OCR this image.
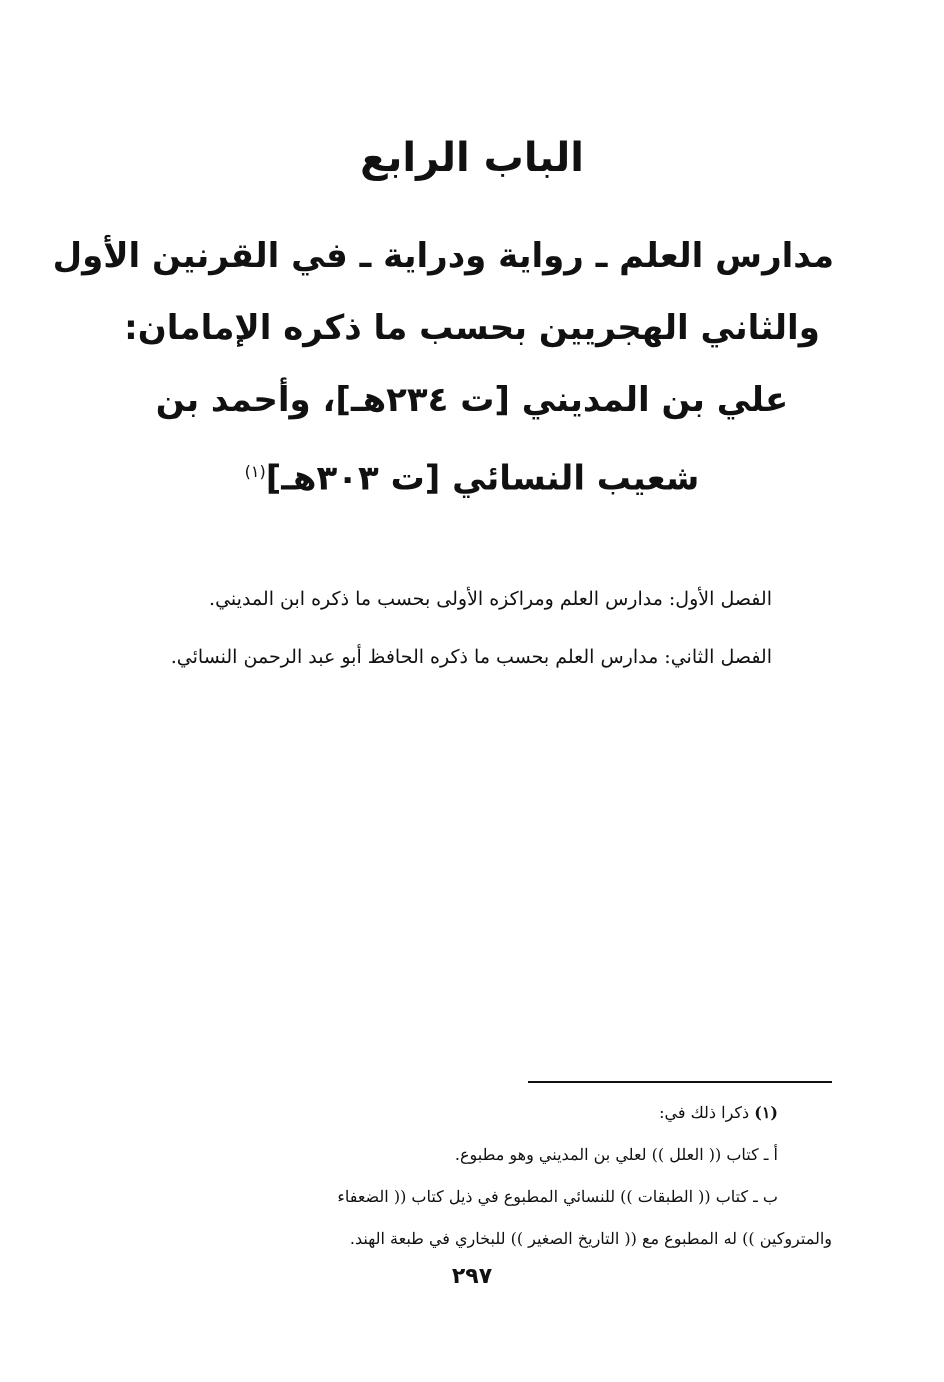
الباب الرابع
مدارس العلم ـ رواية ودراية ـ في القرنين الأول
والثاني الهجريين بحسب ما ذكره الإمامان:
علي بن المديني [ت ٢٣٤هـ]، وأحمد بن
شعيب النسائي [ت ٣٠٣هـ]$^{(١)}$

الفصل الأول: مدارس العلم ومراكزه الأولى بحسب ما ذكره ابن المديني.

الفصل الثاني: مدارس العلم بحسب ما ذكره الحافظ أبو عبد الرحمن النسائي.

(١) ذكرا ذلك في:

أ ـ كتاب (( العلل )) لعلي بن المديني وهو مطبوع.

ب ـ كتاب (( الطبقات )) للنسائي المطبوع في ذيل كتاب (( الضعفاء

والمتروكين )) له المطبوع مع (( التاريخ الصغير )) للبخاري في طبعة الهند.

٢٩٧
